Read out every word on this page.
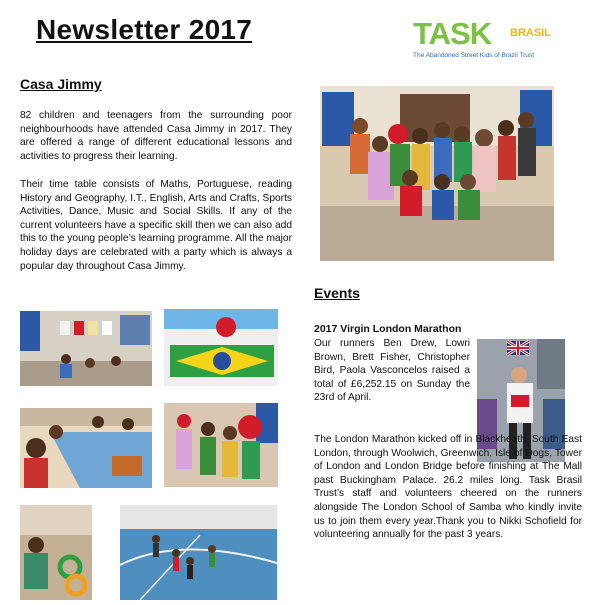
Newsletter 2017	TASK BRASIL
The Abandoned Street Kids of Brazil Trust
Casa Jimmy
82 children and teenagers from the surrounding poor neighbourhoods have attended Casa Jimmy in 2017. They are offered a range of different educational lessons and activities to progress their learning.
Their time table consists of Maths, Portuguese, reading History and Geography, I.T., English, Arts and Crafts, Sports Activities, Dance, Music and Social Skills. If any of the current volunteers have a specific skill then we can also add this to the young people’s learning programme. All the major holiday days are celebrated with a party which is always a popular day throughout Casa Jimmy.
Events
2017 Virgin London Marathon
Our runners Ben Drew, Lowri Brown, Brett Fisher, Christopher Bird, Paola Vasconcelos raised a total of £6,252.15 on Sunday the 23rd of April.
The London Marathon kicked off in Blackheath, South East London, through Woolwich, Greenwich, Isle of Dogs, Tower of London and London Bridge before finishing at The Mall past Buckingham Palace. 26.2 miles long. Task Brasil Trust’s staff and volunteers cheered on the runners alongside The London School of Samba who kindly invite us to join them every year.Thank you to Nikki Schofield for volunteering annually for the past 3 years.
